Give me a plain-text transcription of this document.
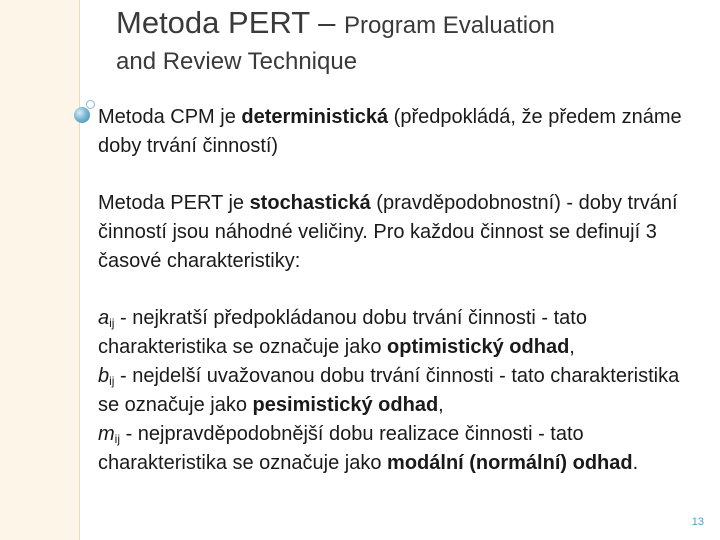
Metoda PERT – Program Evaluation
and Review Technique

Metoda CPM je deterministická (předpokládá, že předem známe doby trvání činností)

Metoda PERT je stochastická (pravděpodobnostní) - doby trvání činností jsou náhodné veličiny. Pro každou činnost se definují 3 časové charakteristiky:

$a_{ij}$ - nejkratší předpokládanou dobu trvání činnosti - tato charakteristika se označuje jako optimistický odhad,
$b_{ij}$ - nejdelší uvažovanou dobu trvání činnosti - tato charakteristika se označuje jako pesimistický odhad,
$m_{ij}$ - nejpravděpodobnější dobu realizace činnosti - tato charakteristika se označuje jako modální (normální) odhad.

13
